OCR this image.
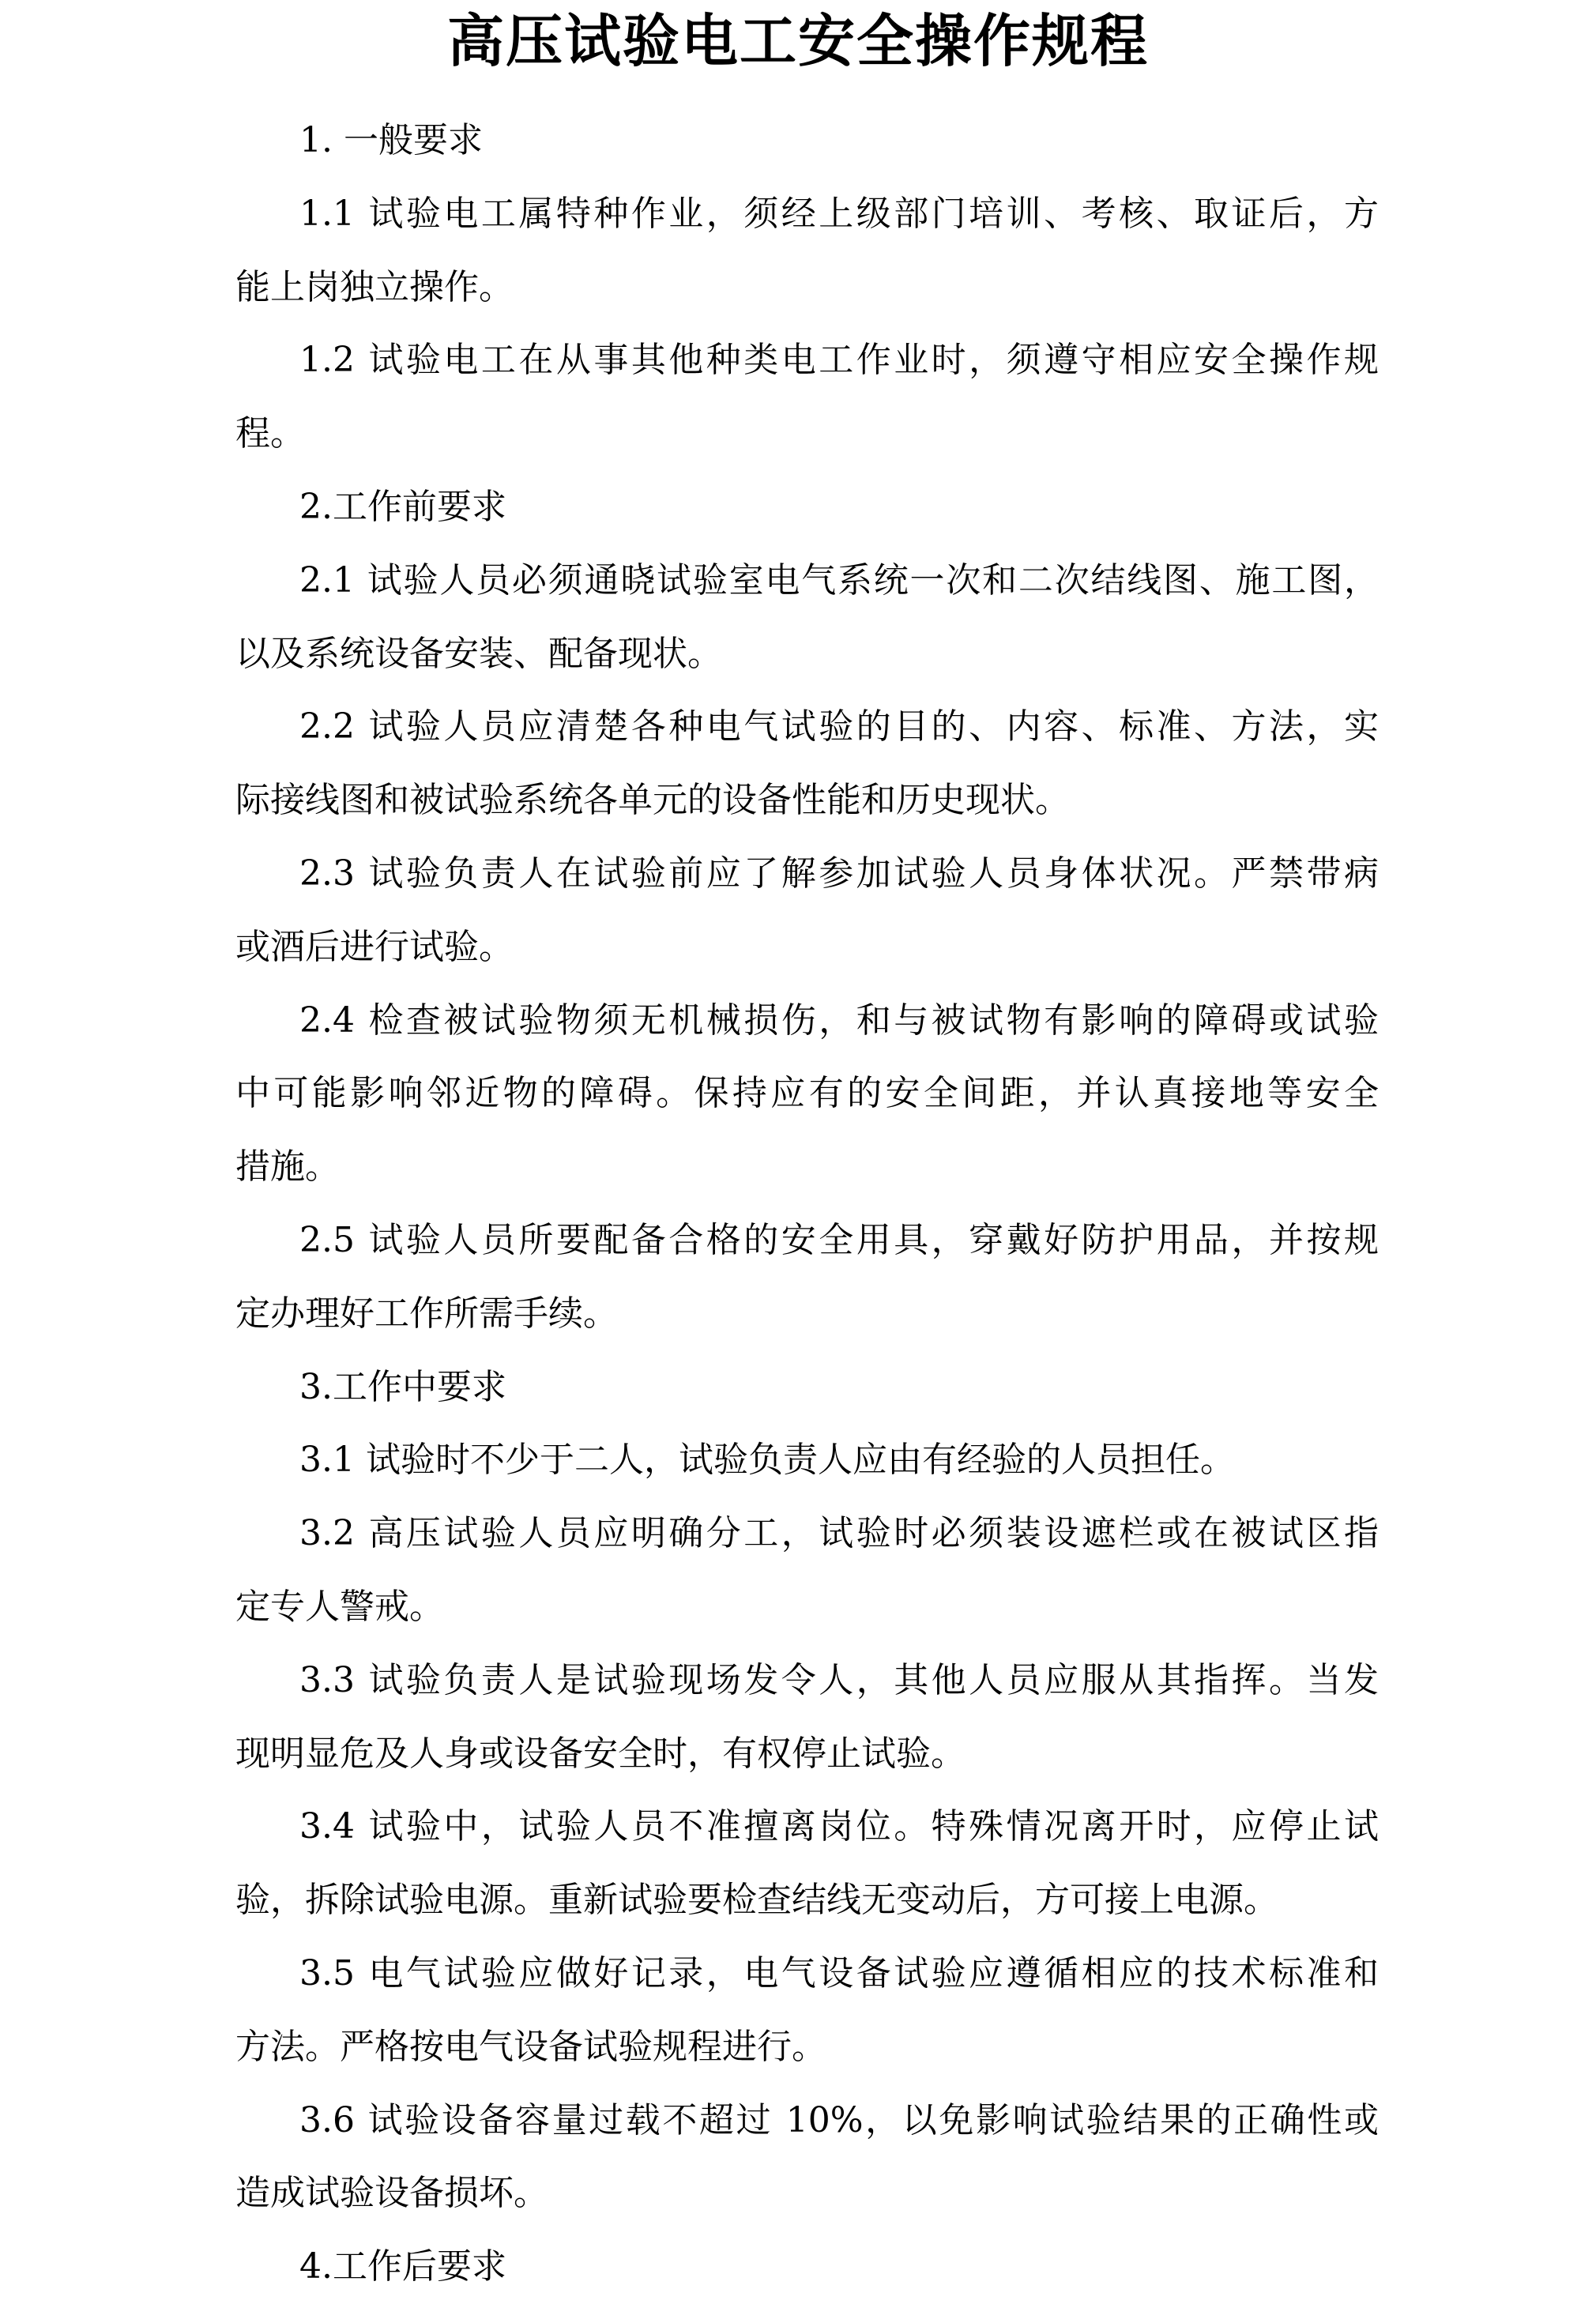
高压试验电工安全操作规程
1. 一般要求
1.1 试验电工属特种作业，须经上级部门培训、考核、取证后，方
能上岗独立操作。
1.2 试验电工在从事其他种类电工作业时，须遵守相应安全操作规
程。
2.工作前要求
2.1 试验人员必须通晓试验室电气系统一次和二次结线图、施工图，
以及系统设备安装、配备现状。
2.2 试验人员应清楚各种电气试验的目的、内容、标准、方法，实
际接线图和被试验系统各单元的设备性能和历史现状。
2.3 试验负责人在试验前应了解参加试验人员身体状况。严禁带病
或酒后进行试验。
2.4 检查被试验物须无机械损伤，和与被试物有影响的障碍或试验
中可能影响邻近物的障碍。保持应有的安全间距，并认真接地等安全
措施。
2.5 试验人员所要配备合格的安全用具，穿戴好防护用品，并按规
定办理好工作所需手续。
3.工作中要求
3.1 试验时不少于二人，试验负责人应由有经验的人员担任。
3.2 高压试验人员应明确分工，试验时必须装设遮栏或在被试区指
定专人警戒。
3.3 试验负责人是试验现场发令人，其他人员应服从其指挥。当发
现明显危及人身或设备安全时，有权停止试验。
3.4 试验中，试验人员不准擅离岗位。特殊情况离开时，应停止试
验，拆除试验电源。重新试验要检查结线无变动后，方可接上电源。
3.5 电气试验应做好记录，电气设备试验应遵循相应的技术标准和
方法。严格按电气设备试验规程进行。
3.6 试验设备容量过载不超过 10%，以免影响试验结果的正确性或
造成试验设备损坏。
4.工作后要求
